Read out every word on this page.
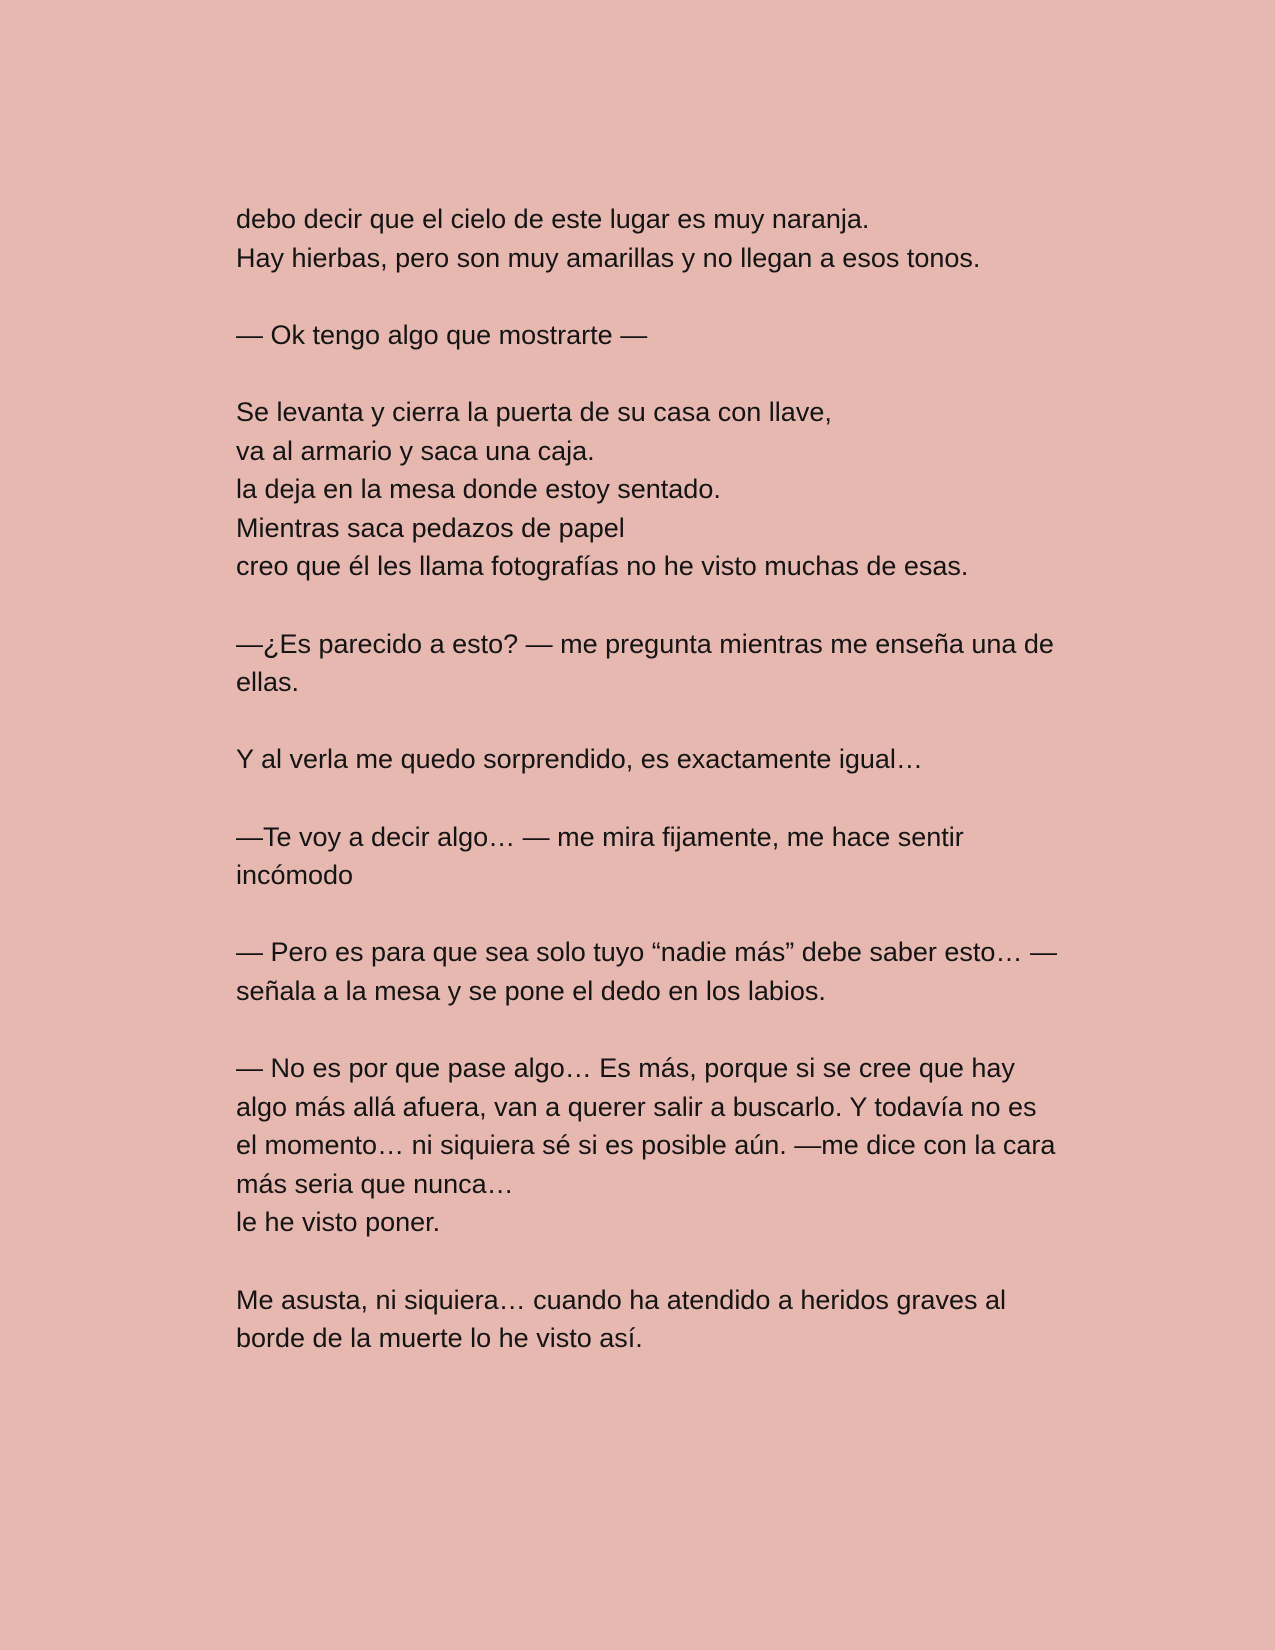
debo decir que el cielo de este lugar es muy naranja.
Hay hierbas, pero son muy amarillas y no llegan a esos tonos.
— Ok tengo algo que mostrarte —
Se levanta y cierra la puerta de su casa con llave,
va al armario y saca una caja.
la deja en la mesa donde estoy sentado.
Mientras saca pedazos de papel
creo que él les llama fotografías no he visto muchas de esas.
—¿Es parecido a esto? — me pregunta mientras me enseña una de
ellas.
Y al verla me quedo sorprendido, es exactamente igual…
—Te voy a decir algo… — me mira fijamente, me hace sentir
incómodo
— Pero es para que sea solo tuyo “nadie más” debe saber esto… —
señala a la mesa y se pone el dedo en los labios.
— No es por que pase algo… Es más, porque si se cree que hay
algo más allá afuera, van a querer salir a buscarlo. Y todavía no es
el momento… ni siquiera sé si es posible aún. —me dice con la cara
más seria que nunca…
le he visto poner.
Me asusta, ni siquiera… cuando ha atendido a heridos graves al
borde de la muerte lo he visto así.
